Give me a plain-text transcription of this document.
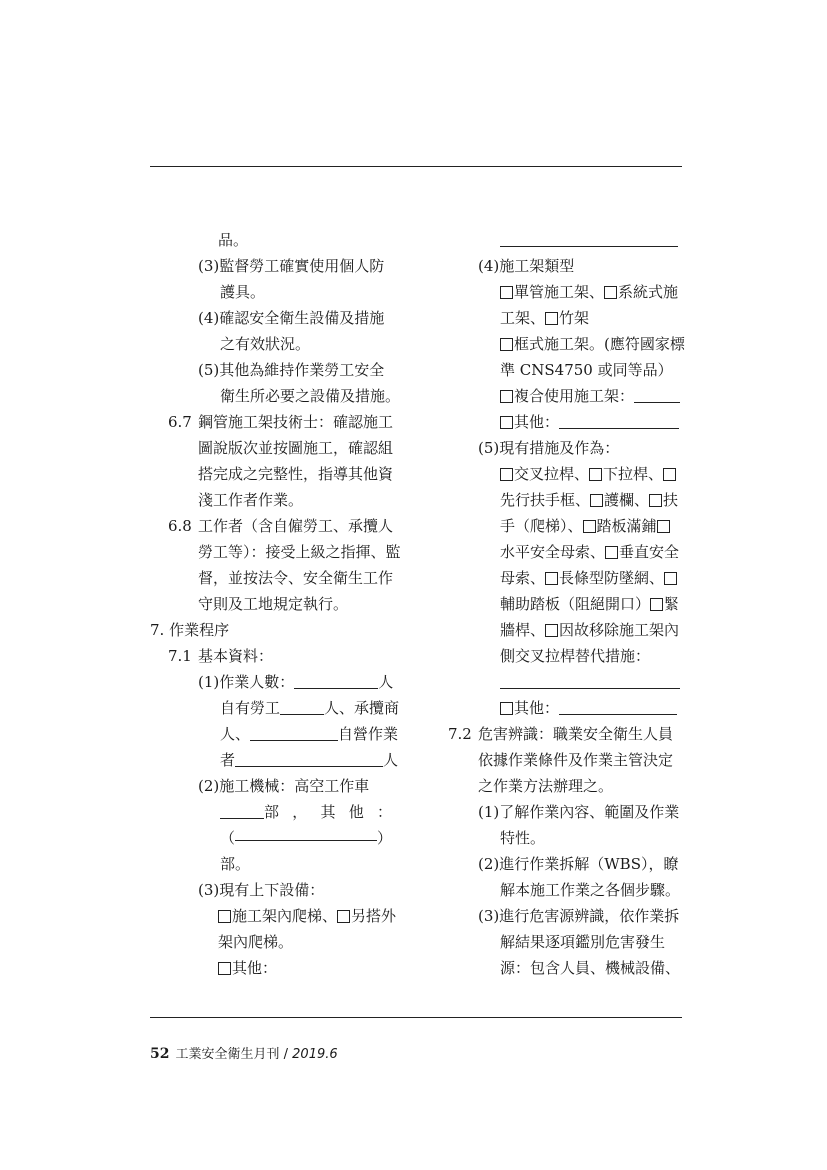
品。
(3)監督勞工確實使用個人防
護具。
(4)確認安全衛生設備及措施
之有效狀況。
(5)其他為維持作業勞工安全
衛生所必要之設備及措施。
6.7 鋼管施工架技術士：確認施工
圖說版次並按圖施工，確認組
搭完成之完整性，指導其他資
淺工作者作業。
6.8 工作者（含自僱勞工、承攬人
勞工等）：接受上級之指揮、監
督，並按法令、安全衛生工作
守則及工地規定執行。
7. 作業程序
7.1 基本資料：
(1)作業人數：	人
自有勞工	人、承攬商
人、	自營作業
者	人
(2)施工機械：高空工作車
部 ， 其 他 ：
（	）
部。
(3)現有上下設備：
施工架內爬梯、 另搭外
架內爬梯。
其他：
(4)施工架類型
單管施工架、 系統式施
工架、 竹架
框式施工架。(應符國家標
準 CNS4750 或同等品）
複合使用施工架：
其他：
(5)現有措施及作為：
交叉拉桿、 下拉桿、
先行扶手框、 護欄、 扶
手（爬梯）、 踏板滿鋪
水平安全母索、 垂直安全
母索、 長條型防墜網、
輔助踏板（阻絕開口） 緊
牆桿、 因故移除施工架內
側交叉拉桿替代措施：
其他：
7.2 危害辨識：職業安全衛生人員
依據作業條件及作業主管決定
之作業方法辦理之。
(1)了解作業內容、範圍及作業
特性。
(2)進行作業拆解（WBS），瞭
解本施工作業之各個步驟。
(3)進行危害源辨識，依作業拆
解結果逐項鑑別危害發生
源：包含人員、機械設備、
52 工業安全衛生月刊 / 2019.6
